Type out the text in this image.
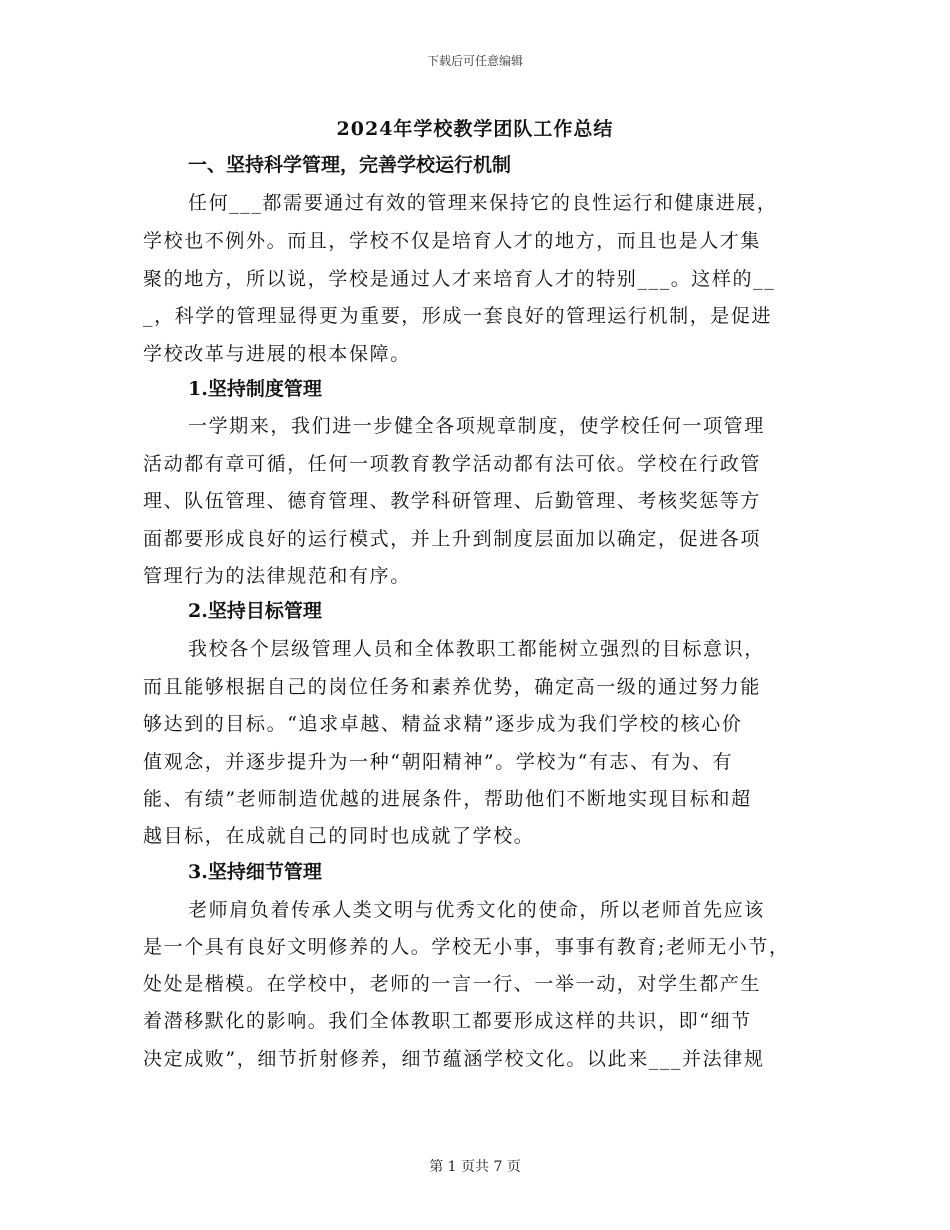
下载后可任意编辑
2024年学校教学团队工作总结
一、坚持科学管理，完善学校运行机制
任何___都需要通过有效的管理来保持它的良性运行和健康进展，
学校也不例外。而且，学校不仅是培育人才的地方，而且也是人才集
聚的地方，所以说，学校是通过人才来培育人才的特别___。这样的__
_，科学的管理显得更为重要，形成一套良好的管理运行机制，是促进
学校改革与进展的根本保障。
1.坚持制度管理
一学期来，我们进一步健全各项规章制度，使学校任何一项管理
活动都有章可循，任何一项教育教学活动都有法可依。学校在行政管
理、队伍管理、德育管理、教学科研管理、后勤管理、考核奖惩等方
面都要形成良好的运行模式，并上升到制度层面加以确定，促进各项
管理行为的法律规范和有序。
2.坚持目标管理
我校各个层级管理人员和全体教职工都能树立强烈的目标意识，
而且能够根据自己的岗位任务和素养优势，确定高一级的通过努力能
够达到的目标。“追求卓越、精益求精”逐步成为我们学校的核心价
值观念，并逐步提升为一种“朝阳精神”。学校为“有志、有为、有
能、有绩”老师制造优越的进展条件，帮助他们不断地实现目标和超
越目标，在成就自己的同时也成就了学校。
3.坚持细节管理
老师肩负着传承人类文明与优秀文化的使命，所以老师首先应该
是一个具有良好文明修养的人。学校无小事，事事有教育;老师无小节，
处处是楷模。在学校中，老师的一言一行、一举一动，对学生都产生
着潜移默化的影响。我们全体教职工都要形成这样的共识，即“细节
决定成败”，细节折射修养，细节蕴涵学校文化。以此来___并法律规
第 1 页共 7 页
